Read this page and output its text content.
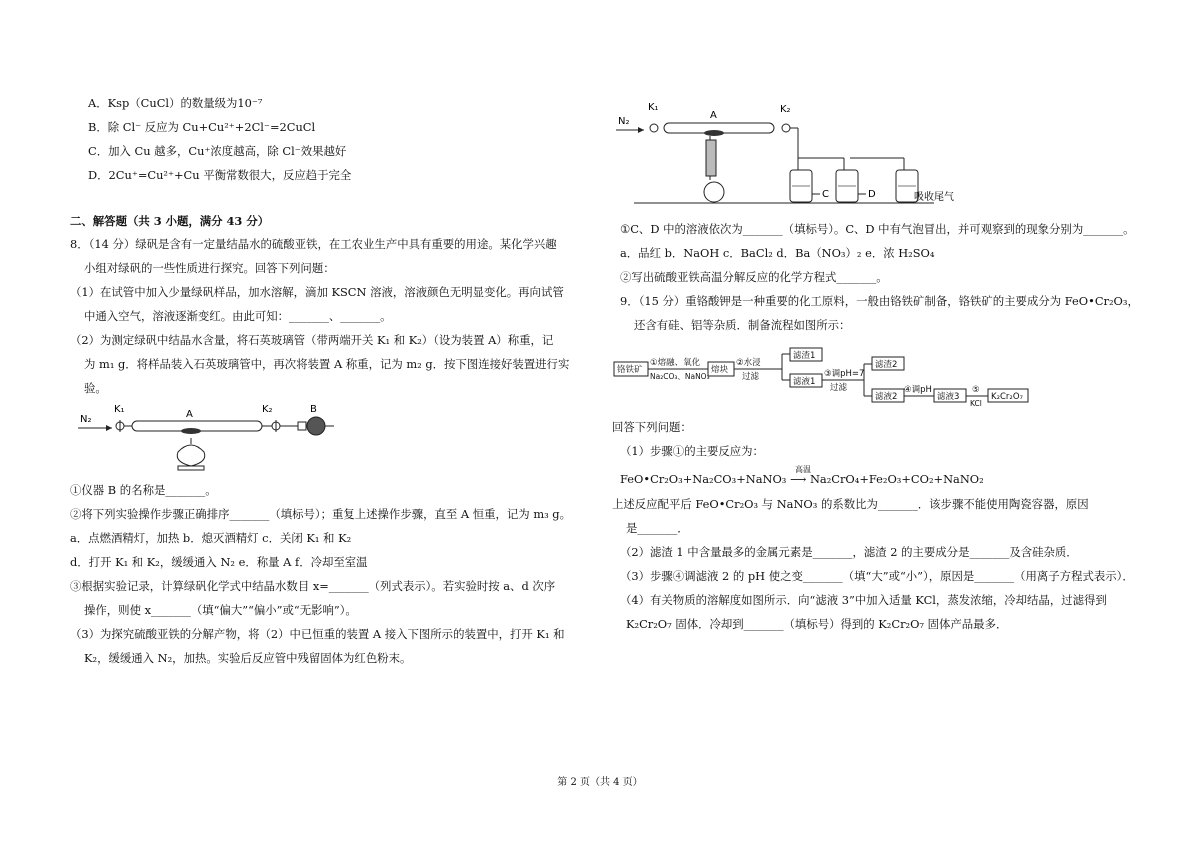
A．Ksp（CuCl）的数量级为10⁻⁷
B．除 Cl⁻ 反应为 Cu+Cu²⁺+2Cl⁻=2CuCl
C．加入 Cu 越多，Cu⁺浓度越高，除 Cl⁻效果越好
D．2Cu⁺=Cu²⁺+Cu 平衡常数很大，反应趋于完全
二、解答题（共 3 小题，满分 43 分）
8．（14 分）绿矾是含有一定量结晶水的硫酸亚铁，在工农业生产中具有重要的用途。某化学兴趣
小组对绿矾的一些性质进行探究。回答下列问题：
（1）在试管中加入少量绿矾样品，加水溶解，滴加 KSCN 溶液，溶液颜色无明显变化。再向试管
中通入空气，溶液逐渐变红。由此可知：_______、_______。
（2）为测定绿矾中结晶水含量，将石英玻璃管（带两端开关 K₁ 和 K₂）（设为装置 A）称重，记
为 m₁ g．将样品装入石英玻璃管中，再次将装置 A 称重，记为 m₂ g．按下图连接好装置进行实
验。
①仪器 B 的名称是_______。
②将下列实验操作步骤正确排序_______（填标号）；重复上述操作步骤，直至 A 恒重，记为 m₃ g。
a．点燃酒精灯，加热 b．熄灭酒精灯 c．关闭 K₁ 和 K₂
d．打开 K₁ 和 K₂，缓缓通入 N₂ e．称量 A f．冷却至室温
③根据实验记录，计算绿矾化学式中结晶水数目 x=_______（列式表示）。若实验时按 a、d 次序
操作，则使 x_______（填“偏大”“偏小”或“无影响”）。
（3）为探究硫酸亚铁的分解产物，将（2）中已恒重的装置 A 接入下图所示的装置中，打开 K₁ 和
K₂，缓缓通入 N₂，加热。实验后反应管中残留固体为红色粉末。
N₂
K₁	A	K₂	B
①C、D 中的溶液依次为_______（填标号）。C、D 中有气泡冒出，并可观察到的现象分别为_______。
a．品红 b．NaOH c．BaCl₂ d．Ba（NO₃）₂ e．浓 H₂SO₄
②写出硫酸亚铁高温分解反应的化学方程式_______。
9．（15 分）重铬酸钾是一种重要的化工原料，一般由铬铁矿制备，铬铁矿的主要成分为 FeO•Cr₂O₃，
还含有硅、铝等杂质．制备流程如图所示：
回答下列问题：
（1）步骤①的主要反应为：
FeO•Cr₂O₃+Na₂CO₃+NaNO₃ ⟶ Na₂CrO₄+Fe₂O₃+CO₂+NaNO₂
高温
上述反应配平后 FeO•Cr₂O₃ 与 NaNO₃ 的系数比为_______．该步骤不能使用陶瓷容器，原因
是_______．
（2）滤渣 1 中含量最多的金属元素是_______，滤渣 2 的主要成分是_______及含硅杂质．
（3）步骤④调滤液 2 的 pH 使之变_______（填“大”或“小”），原因是_______（用离子方程式表示）．
（4）有关物质的溶解度如图所示．向“滤液 3”中加入适量 KCl，蒸发浓缩，冷却结晶，过滤得到
K₂Cr₂O₇ 固体．冷却到_______（填标号）得到的 K₂Cr₂O₇ 固体产品最多．
N₂
K₁
A
K₂
C	D	吸收尾气
铬铁矿
①熔融、氧化
Na₂CO₃、NaNO₃
熔块
②水浸
过滤
滤渣1
滤液1
③调pH=7
过滤
滤渣2
滤液2
④调pH
滤液3
⑤
KCl
K₂Cr₂O₇
第 2 页（共 4 页）
